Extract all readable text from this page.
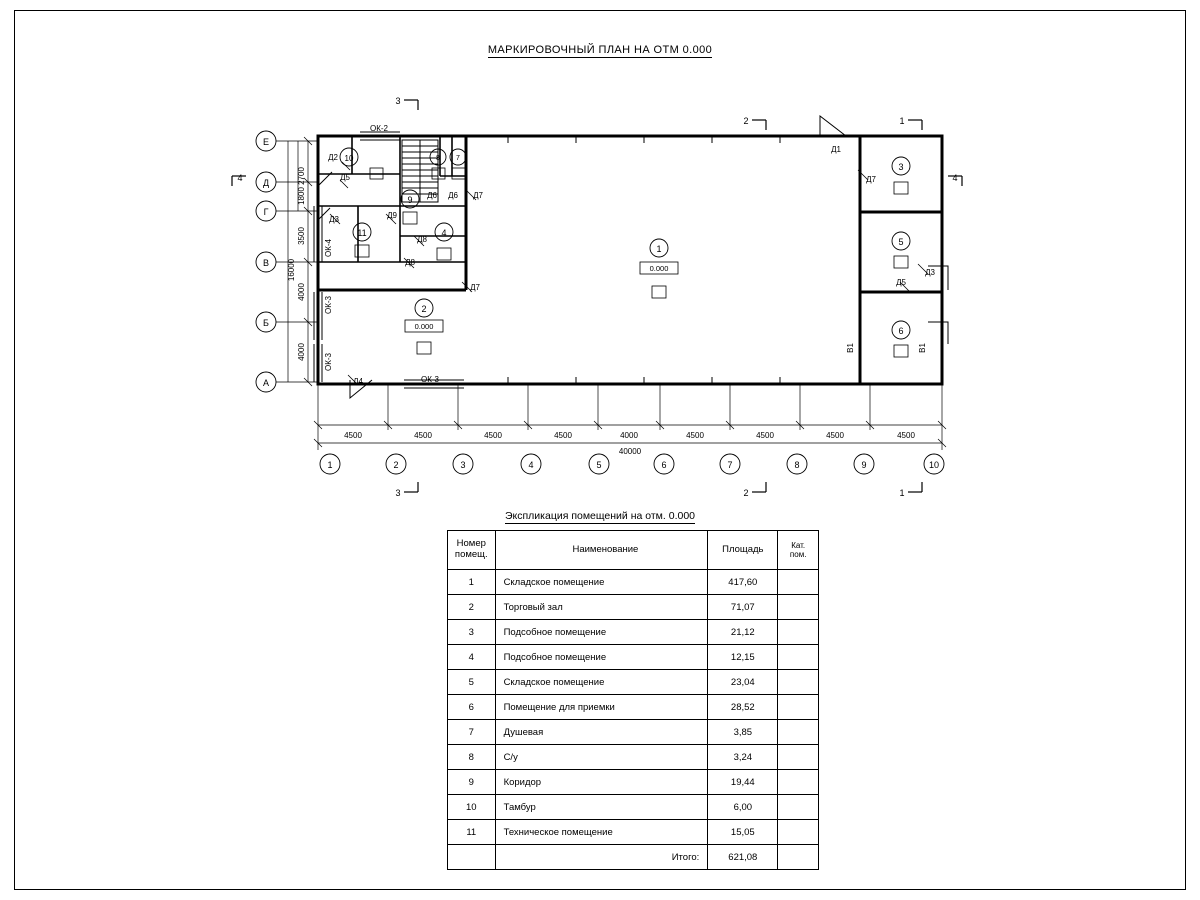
МАРКИРОВОЧНЫЙ ПЛАН НА ОТМ 0.000
Экспликация помещений на отм. 0.000
Е
Д
Г
В
Б
А
1	2	3	4	5	6	7	8	9	10
4500	4500	4500	4500	4000	4500	4500	4500	4500
40000
2700
1800
3500
4000
4000
16000
ОК-2
ОК-3
ОК-4
ОК-3
ОК-3
Д2
Д5
Д3	Д9
Д8
Д8
Д6 Д6 Д7
Д7
Д4
Д1
Д7
Д5
Д3
В1	В1
1
2
3
4
5
6
7
8
9
10
11
0.000
0.000
3
2	1
4	4
3	2	1
Номер
помещ.	Наименование	Площадь	Кат.
пом.

1	Складское помещение	417,60	
2	Торговый зал	71,07	
3	Подсобное помещение	21,12	
4	Подсобное помещение	12,15	
5	Складское помещение	23,04	
6	Помещение для приемки	28,52	
7	Душевая	3,85	
8	С/у	3,24	
9	Коридор	19,44	
10	Тамбур	6,00	
11	Техническое помещение	15,05	
	Итого:	621,08	
